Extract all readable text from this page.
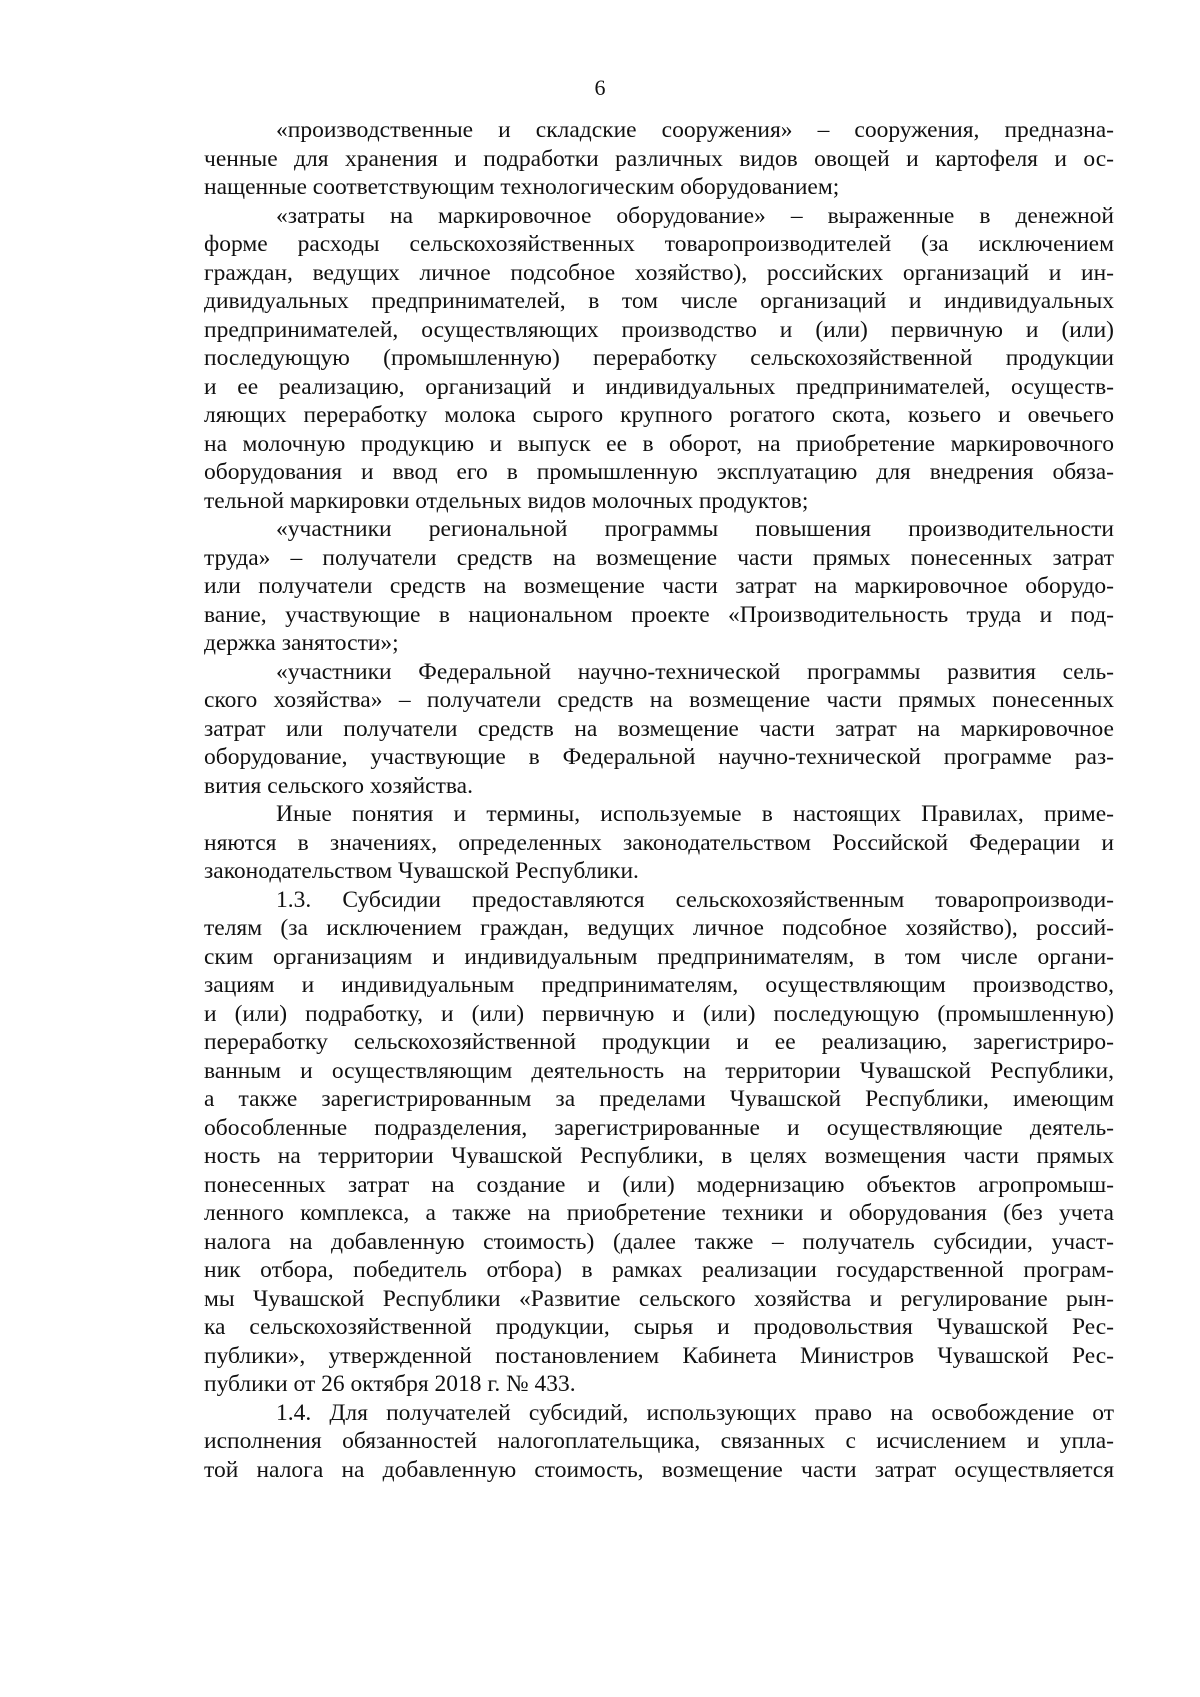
6
«производственные и складские сооружения» – сооружения, предназна-
ченные для хранения и подработки различных видов овощей и картофеля и ос-
нащенные соответствующим технологическим оборудованием;
«затраты на маркировочное оборудование» – выраженные в денежной
форме расходы сельскохозяйственных товаропроизводителей (за исключением
граждан, ведущих личное подсобное хозяйство), российских организаций и ин-
дивидуальных предпринимателей, в том числе организаций и индивидуальных
предпринимателей, осуществляющих производство и (или) первичную и (или)
последующую (промышленную) переработку сельскохозяйственной продукции
и ее реализацию, организаций и индивидуальных предпринимателей, осуществ-
ляющих переработку молока сырого крупного рогатого скота, козьего и овечьего
на молочную продукцию и выпуск ее в оборот, на приобретение маркировочного
оборудования и ввод его в промышленную эксплуатацию для внедрения обяза-
тельной маркировки отдельных видов молочных продуктов;
«участники региональной программы повышения производительности
труда» – получатели средств на возмещение части прямых понесенных затрат
или получатели средств на возмещение части затрат на маркировочное оборудо-
вание, участвующие в национальном проекте «Производительность труда и под-
держка занятости»;
«участники Федеральной научно-технической программы развития сель-
ского хозяйства» – получатели средств на возмещение части прямых понесенных
затрат или получатели средств на возмещение части затрат на маркировочное
оборудование, участвующие в Федеральной научно-технической программе раз-
вития сельского хозяйства.
Иные понятия и термины, используемые в настоящих Правилах, приме-
няются в значениях, определенных законодательством Российской Федерации и
законодательством Чувашской Республики.
1.3. Субсидии предоставляются сельскохозяйственным товаропроизводи-
телям (за исключением граждан, ведущих личное подсобное хозяйство), россий-
ским организациям и индивидуальным предпринимателям, в том числе органи-
зациям и индивидуальным предпринимателям, осуществляющим производство,
и (или) подработку, и (или) первичную и (или) последующую (промышленную)
переработку сельскохозяйственной продукции и ее реализацию, зарегистриро-
ванным и осуществляющим деятельность на территории Чувашской Республики,
а также зарегистрированным за пределами Чувашской Республики, имеющим
обособленные подразделения, зарегистрированные и осуществляющие деятель-
ность на территории Чувашской Республики, в целях возмещения части прямых
понесенных затрат на создание и (или) модернизацию объектов агропромыш-
ленного комплекса, а также на приобретение техники и оборудования (без учета
налога на добавленную стоимость) (далее также – получатель субсидии, участ-
ник отбора, победитель отбора) в рамках реализации государственной програм-
мы Чувашской Республики «Развитие сельского хозяйства и регулирование рын-
ка сельскохозяйственной продукции, сырья и продовольствия Чувашской Рес-
публики», утвержденной постановлением Кабинета Министров Чувашской Рес-
публики от 26 октября 2018 г. № 433.
1.4. Для получателей субсидий, использующих право на освобождение от
исполнения обязанностей налогоплательщика, связанных с исчислением и упла-
той налога на добавленную стоимость, возмещение части затрат осуществляется
